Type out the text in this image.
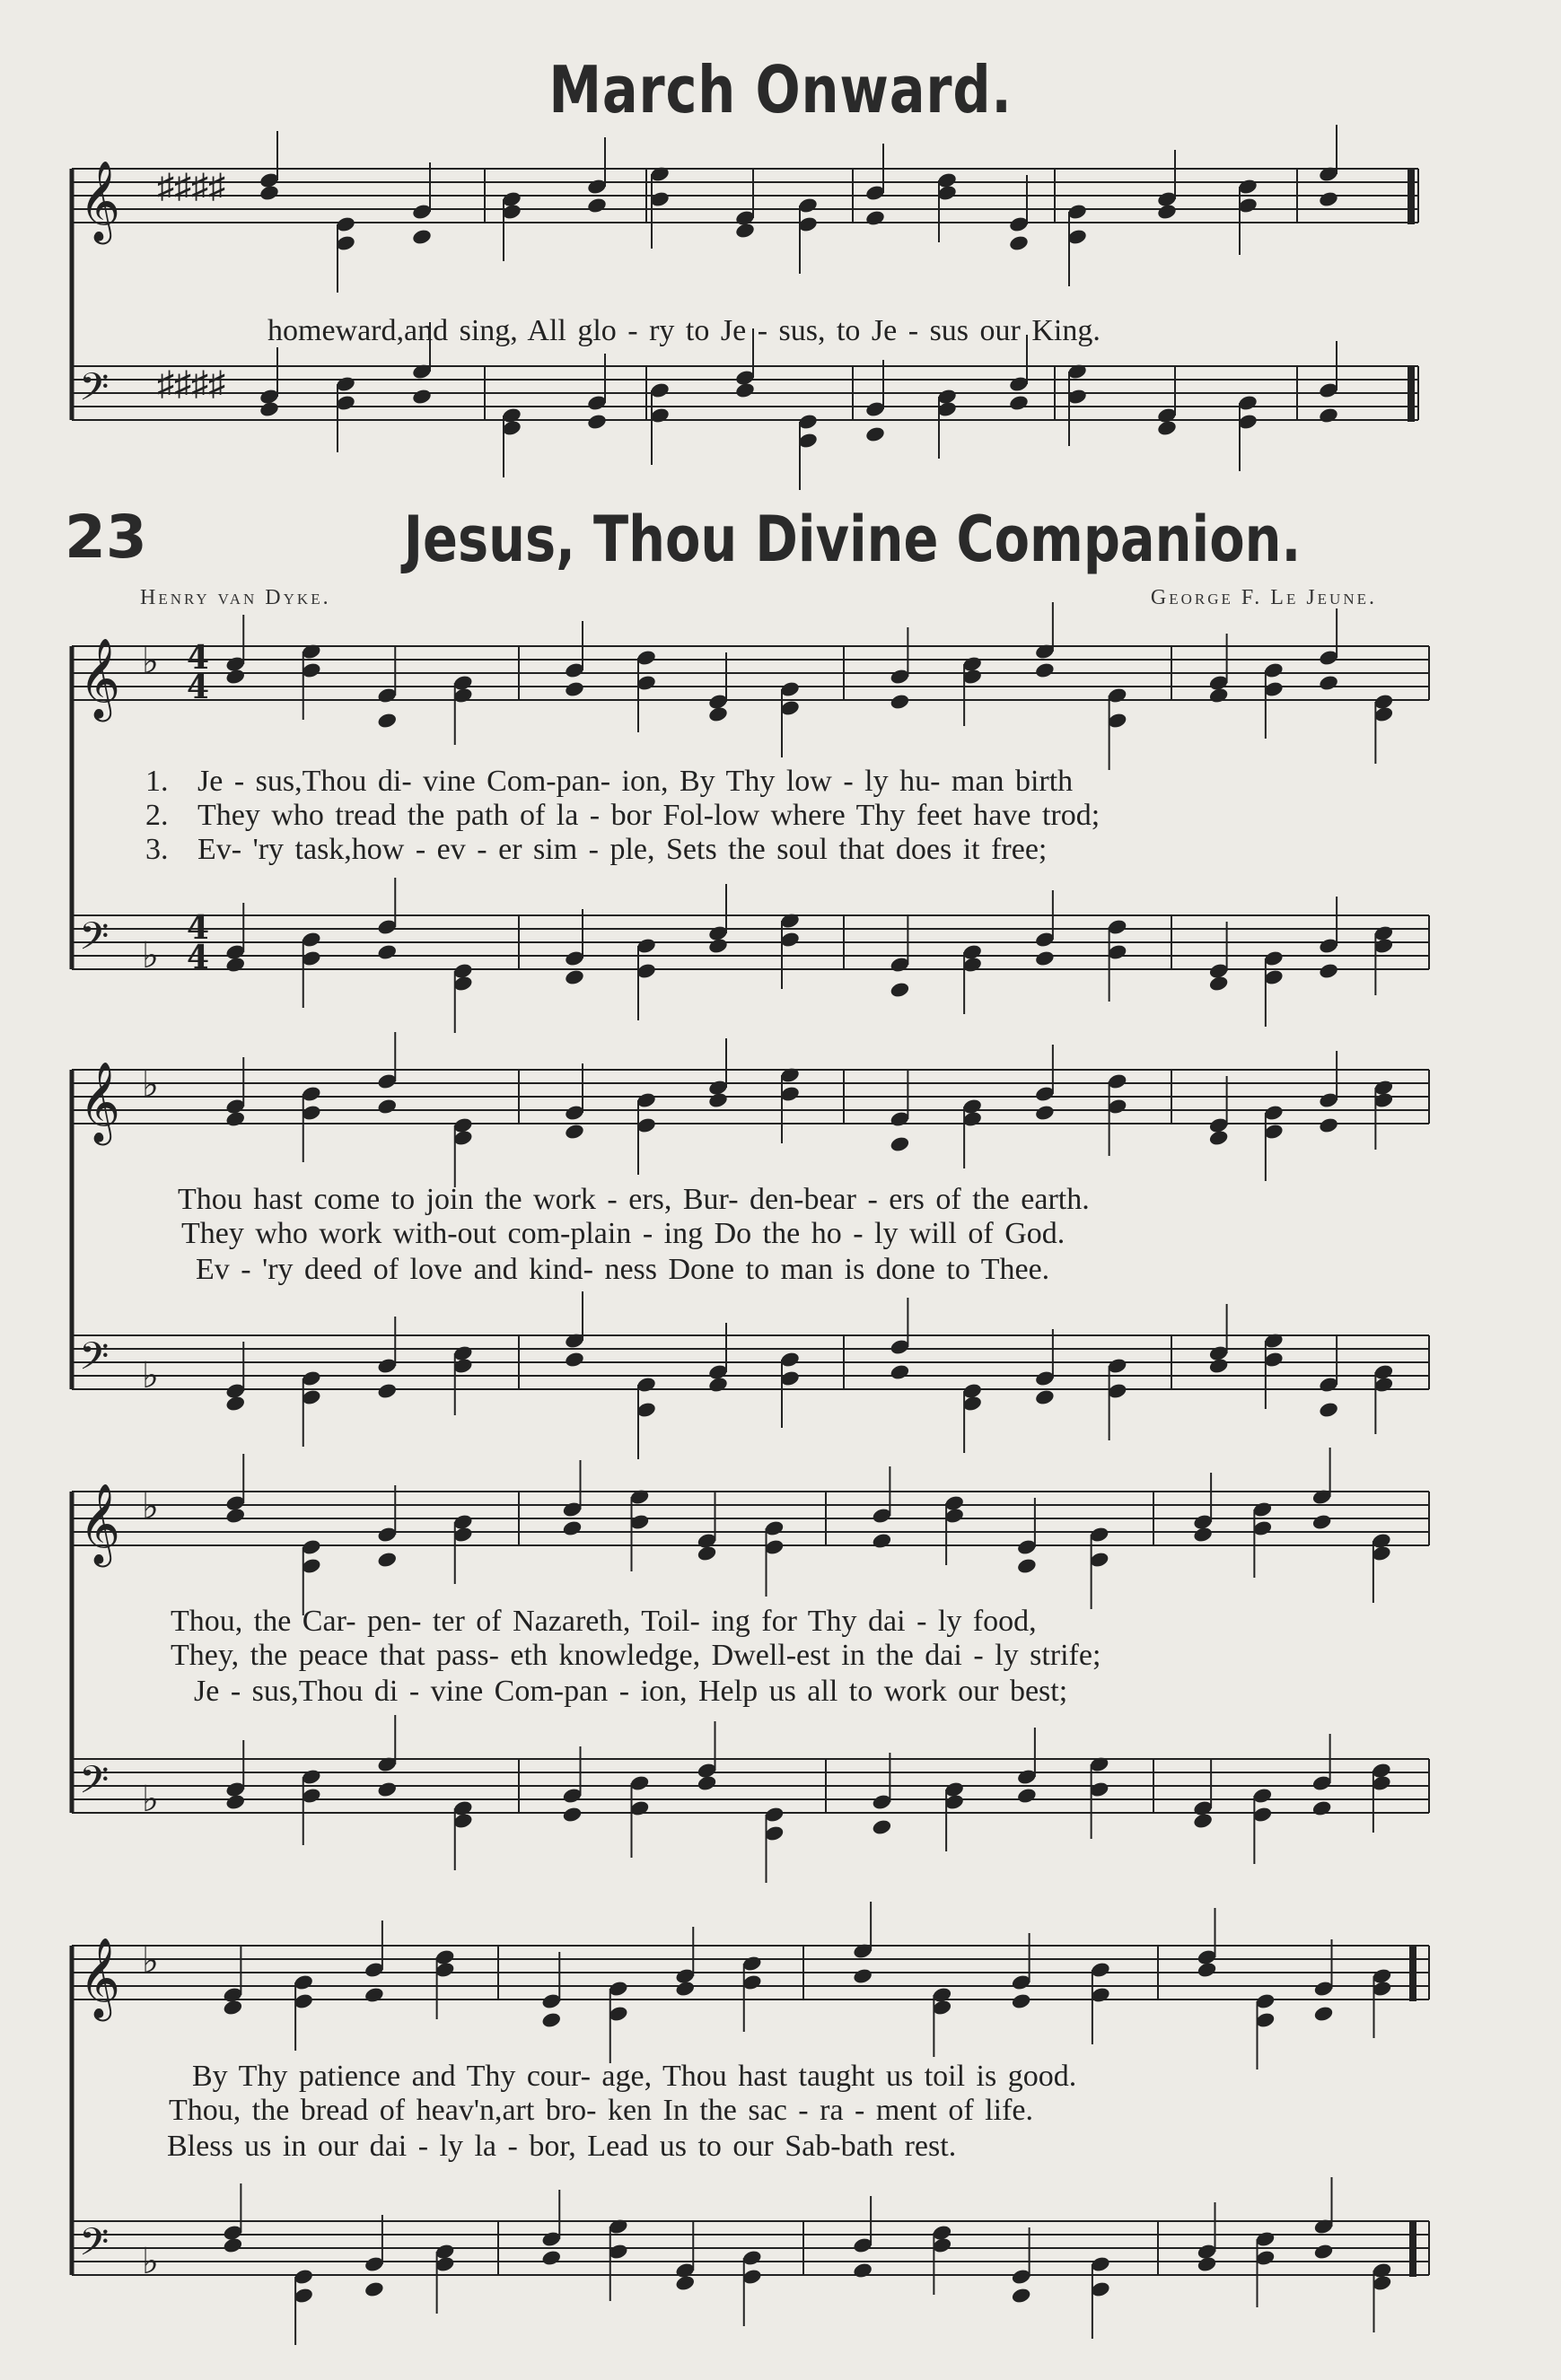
𝄞
𝄢
♯♯♯♯
♯♯♯♯
𝄞
𝄢
♭
♭
𝄞
𝄢
♭
♭
𝄞
𝄢
♭
♭
𝄞
𝄢
♭
♭
4
4
4
4
March Onward.

homeward,and sing, All glo - ry to Je - sus, to Je - sus our King.

23	Jesus, Thou Divine Companion.
Henry van Dyke.	George F. Le Jeune.

1.

2.

3.

Je - sus,Thou di- vine Com-pan- ion, By Thy low - ly hu- man birth

They who tread the path of la - bor Fol-low where Thy feet have trod;

Ev- 'ry task,how - ev - er sim - ple, Sets the soul that does it free;

Thou hast come to join the work - ers, Bur- den-bear - ers of the earth.

They who work with-out com-plain - ing Do the ho - ly will of God.

Ev - 'ry deed of love and kind- ness Done to man is done to Thee.

Thou, the Car- pen- ter of Nazareth, Toil- ing for Thy dai - ly food,

They, the peace that pass- eth knowledge, Dwell-est in the dai - ly strife;

Je - sus,Thou di - vine Com-pan - ion, Help us all to work our best;

By Thy patience and Thy cour- age, Thou hast taught us toil is good.

Thou, the bread of heav'n,art bro- ken In the sac - ra - ment of life.

Bless us in our dai - ly la - bor, Lead us to our Sab-bath rest.
